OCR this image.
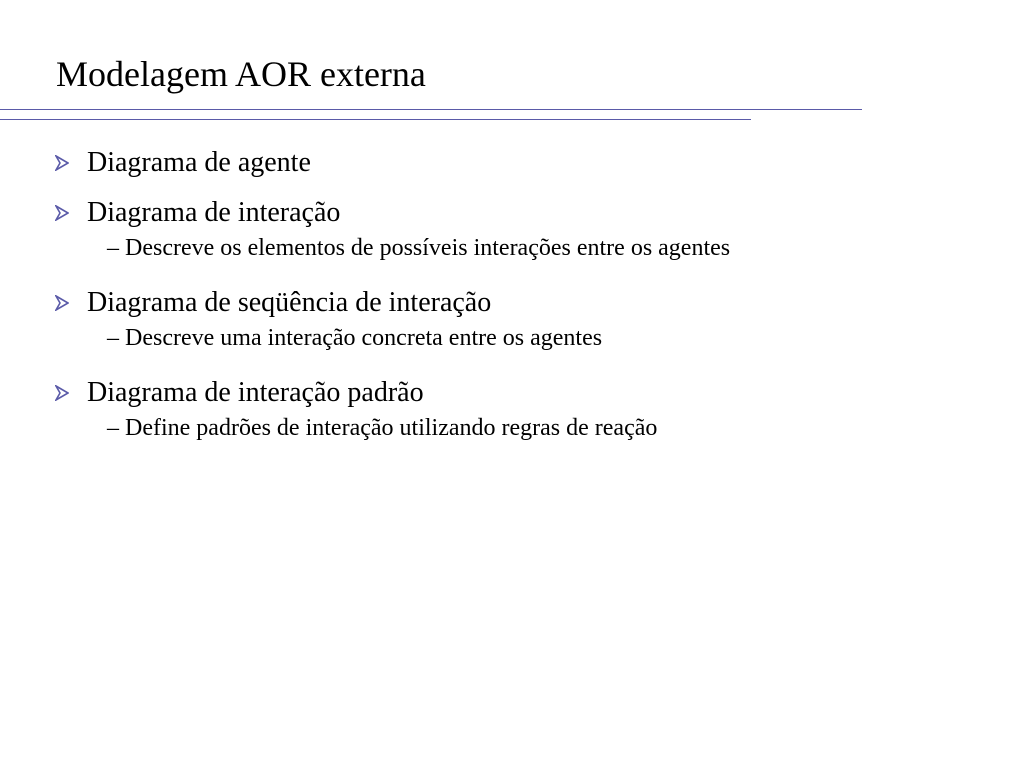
Modelagem AOR externa
Diagrama de agente
Diagrama de interação
– Descreve os elementos de possíveis interações entre os agentes
Diagrama de seqüência de interação
– Descreve uma interação concreta entre os agentes
Diagrama de interação padrão
– Define padrões de interação utilizando regras de reação
